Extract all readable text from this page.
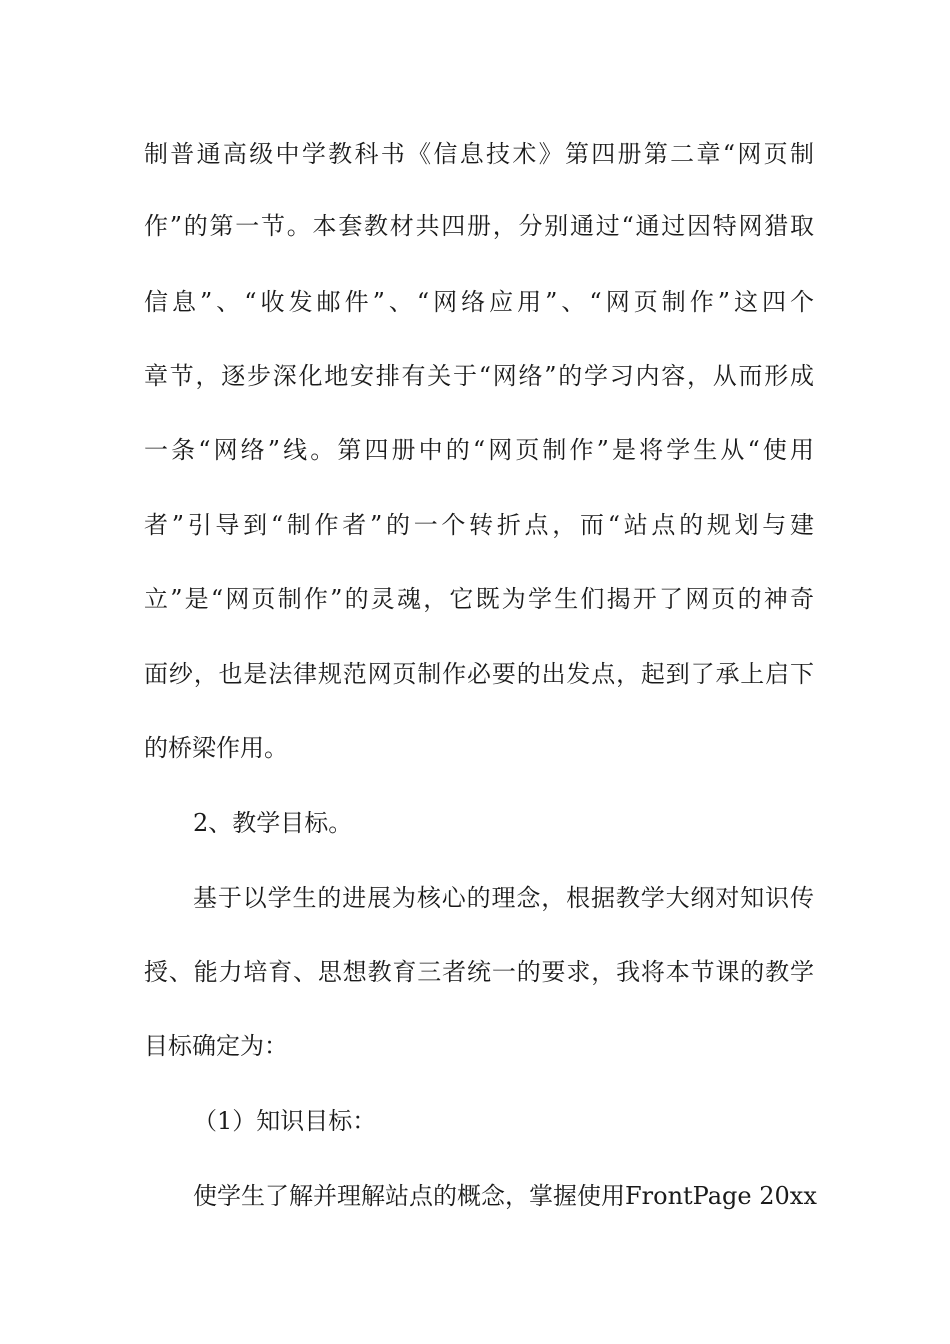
制普通高级中学教科书《信息技术》第四册第二章“网页制
作”的第一节。本套教材共四册，分别通过“通过因特网猎取
信息”、“收发邮件”、“网络应用”、“网页制作”这四个
章节，逐步深化地安排有关于“网络”的学习内容，从而形成
一条“网络”线。第四册中的“网页制作”是将学生从“使用
者”引导到“制作者”的一个转折点，而“站点的规划与建
立”是“网页制作”的灵魂，它既为学生们揭开了网页的神奇
面纱，也是法律规范网页制作必要的出发点，起到了承上启下
的桥梁作用。
2、教学目标。
基于以学生的进展为核心的理念，根据教学大纲对知识传
授、能力培育、思想教育三者统一的要求，我将本节课的教学
目标确定为：
（1）知识目标：
使学生了解并理解站点的概念，掌握使用FrontPage 20xx
